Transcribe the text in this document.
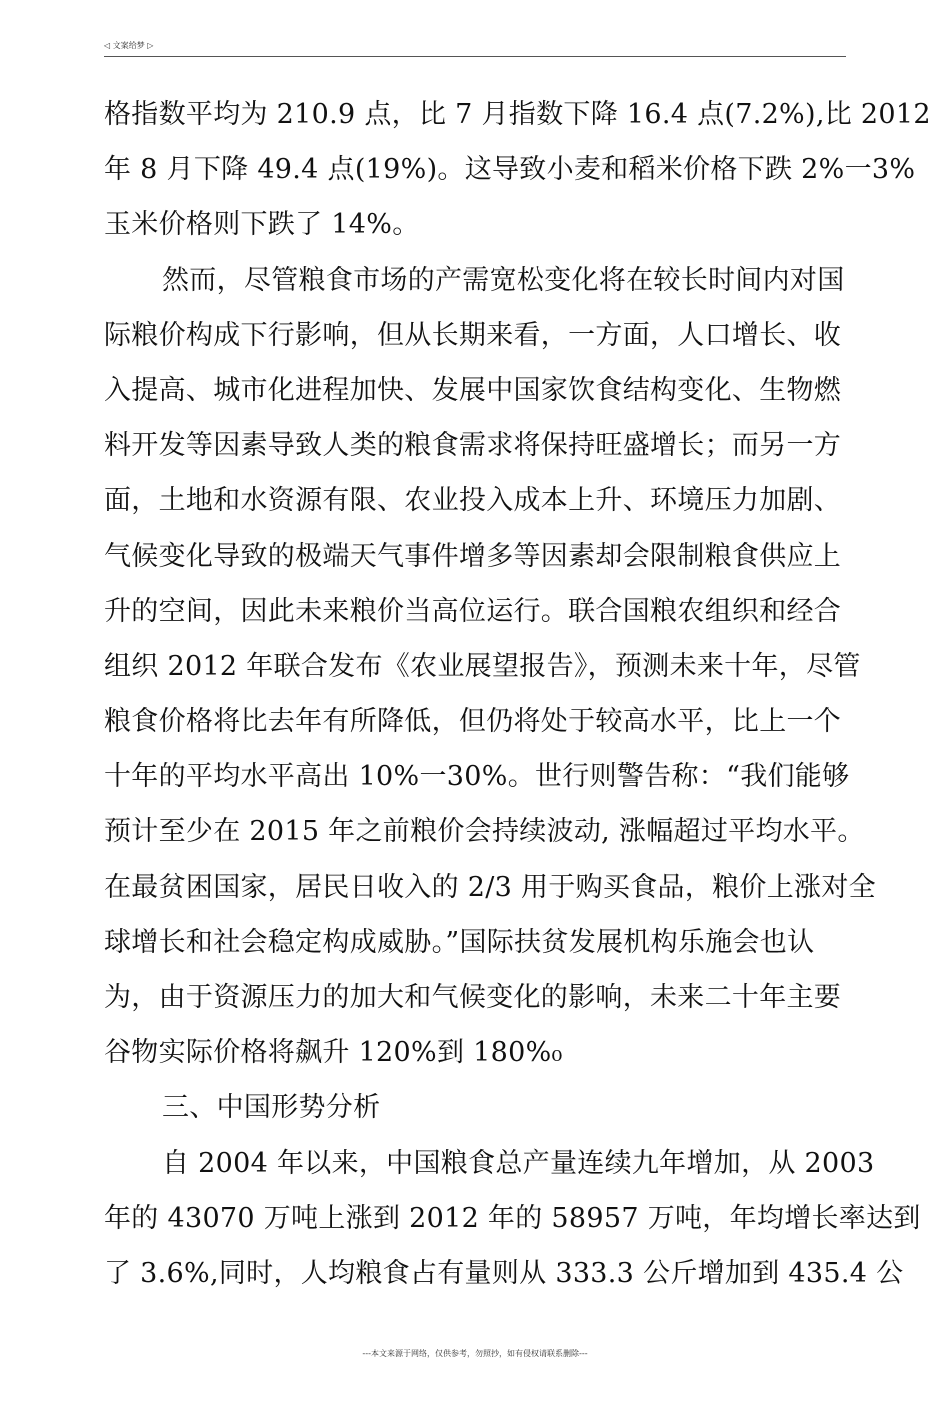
◁ 文案给梦 ▷
格指数平均为 210.9 点，比 7 月指数下降 16.4 点(7.2%),比 2012
年 8 月下降 49.4 点(19%)。这导致小麦和稻米价格下跌 2%一3%
玉米价格则下跌了 14%。
然而，尽管粮食市场的产需宽松变化将在较长时间内对国
际粮价构成下行影响，但从长期来看，一方面，人口增长、收
入提高、城市化进程加快、发展中国家饮食结构变化、生物燃
料开发等因素导致人类的粮食需求将保持旺盛增长；而另一方
面，土地和水资源有限、农业投入成本上升、环境压力加剧、
气候变化导致的极端天气事件增多等因素却会限制粮食供应上
升的空间，因此未来粮价当高位运行。联合国粮农组织和经合
组织 2012 年联合发布《农业展望报告》，预测未来十年，尽管
粮食价格将比去年有所降低，但仍将处于较高水平，比上一个
十年的平均水平高出 10%一30%。世行则警告称：“我们能够
预计至少在 2015 年之前粮价会持续波动, 涨幅超过平均水平。
在最贫困国家，居民日收入的 2/3 用于购买食品，粮价上涨对全
球增长和社会稳定构成威胁。”国际扶贫发展机构乐施会也认
为，由于资源压力的加大和气候变化的影响，未来二十年主要
谷物实际价格将飙升 120%到 180%₀
三、中国形势分析
自 2004 年以来，中国粮食总产量连续九年增加，从 2003
年的 43070 万吨上涨到 2012 年的 58957 万吨，年均增长率达到
了 3.6%,同时，人均粮食占有量则从 333.3 公斤增加到 435.4 公
---本文来源于网络，仅供参考，勿照抄，如有侵权请联系删除---
